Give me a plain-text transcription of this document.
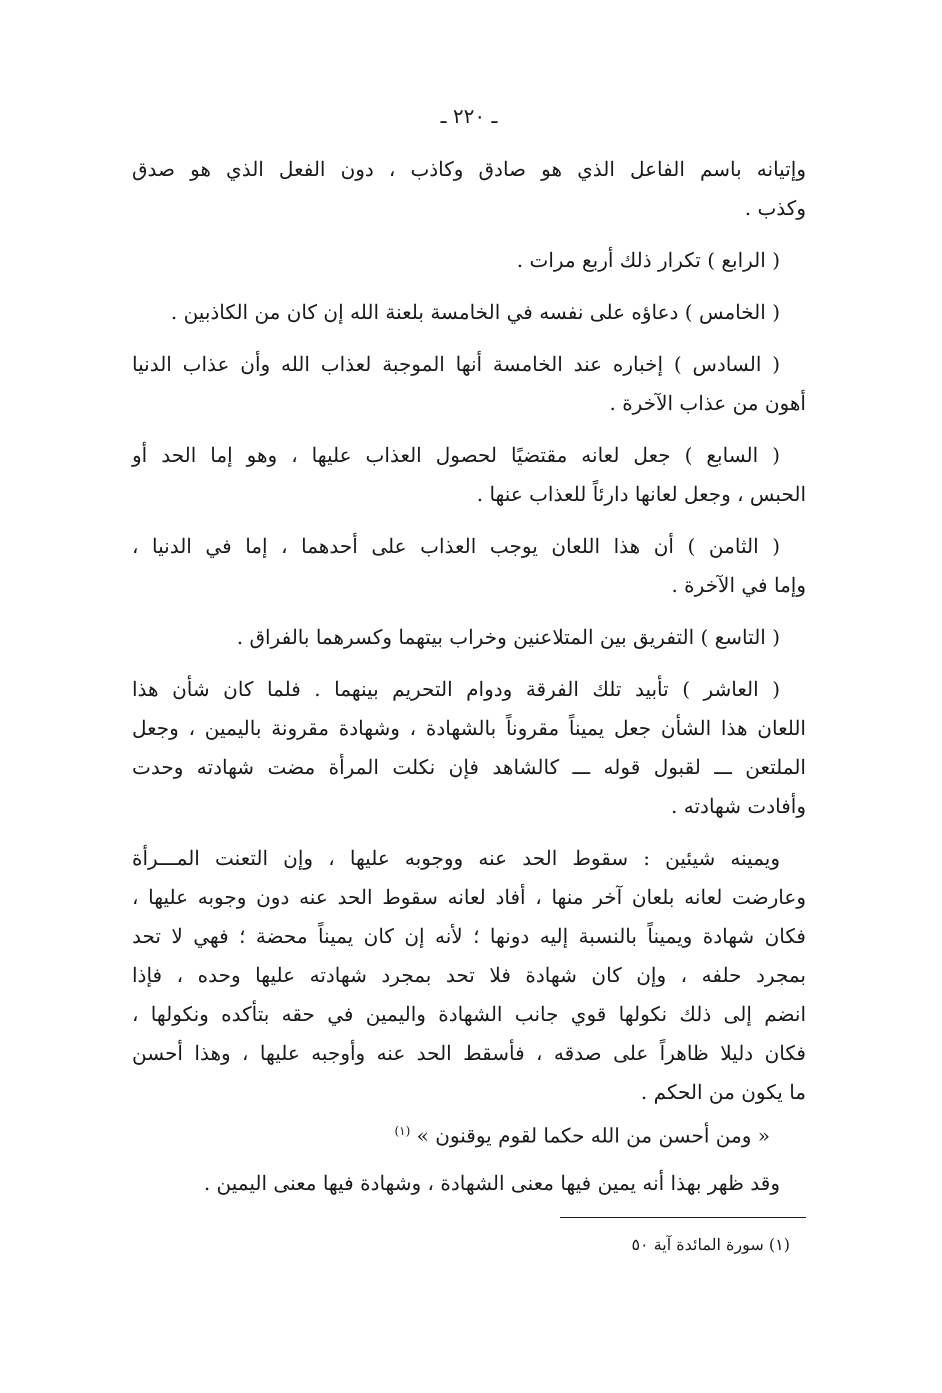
ـ ٢٢٠ ـ
وإتيانه باسم الفاعل الذي هو صادق وكاذب ، دون الفعل الذي هو صدق
وكذب .
( الرابع ) تكرار ذلك أربع مرات .
( الخامس ) دعاؤه على نفسه في الخامسة بلعنة الله إن كان من الكاذبين .
( السادس ) إخباره عند الخامسة أنها الموجبة لعذاب الله وأن عذاب الدنيا
أهون من عذاب الآخرة .
( السابع ) جعل لعانه مقتضيًا لحصول العذاب عليها ، وهو إما الحد أو
الحبس ، وجعل لعانها دارئاً للعذاب عنها .
( الثامن ) أن هذا اللعان يوجب العذاب على أحدهما ، إما في الدنيا ،
وإما في الآخرة .
( التاسع ) التفريق بين المتلاعنين وخراب بيتهما وكسرهما بالفراق .
( العاشر ) تأبيد تلك الفرقة ودوام التحريم بينهما . فلما كان شأن هذا
اللعان هذا الشأن جعل يميناً مقروناً بالشهادة ، وشهادة مقرونة باليمين ، وجعل
الملتعن ـــ لقبول قوله ـــ كالشاهد فإن نكلت المرأة مضت شهادته وحدت
وأفادت شهادته .
ويمينه شيئين : سقوط الحد عنه ووجوبه عليها ، وإن التعنت المـــرأة
وعارضت لعانه بلعان آخر منها ، أفاد لعانه سقوط الحد عنه دون وجوبه عليها ،
فكان شهادة ويميناً بالنسبة إليه دونها ؛ لأنه إن كان يميناً محضة ؛ فهي لا تحد
بمجرد حلفه ، وإن كان شهادة فلا تحد بمجرد شهادته عليها وحده ، فإذا
انضم إلى ذلك نكولها قوي جانب الشهادة واليمين في حقه بتأكده ونكولها ،
فكان دليلا ظاهراً على صدقه ، فأسقط الحد عنه وأوجبه عليها ، وهذا أحسن
ما يكون من الحكم .
« ومن أحسن من الله حكما لقوم يوقنون » $^{(١)}$
وقد ظهر بهذا أنه يمين فيها معنى الشهادة ، وشهادة فيها معنى اليمين .
(١) سورة المائدة آية ٥٠
